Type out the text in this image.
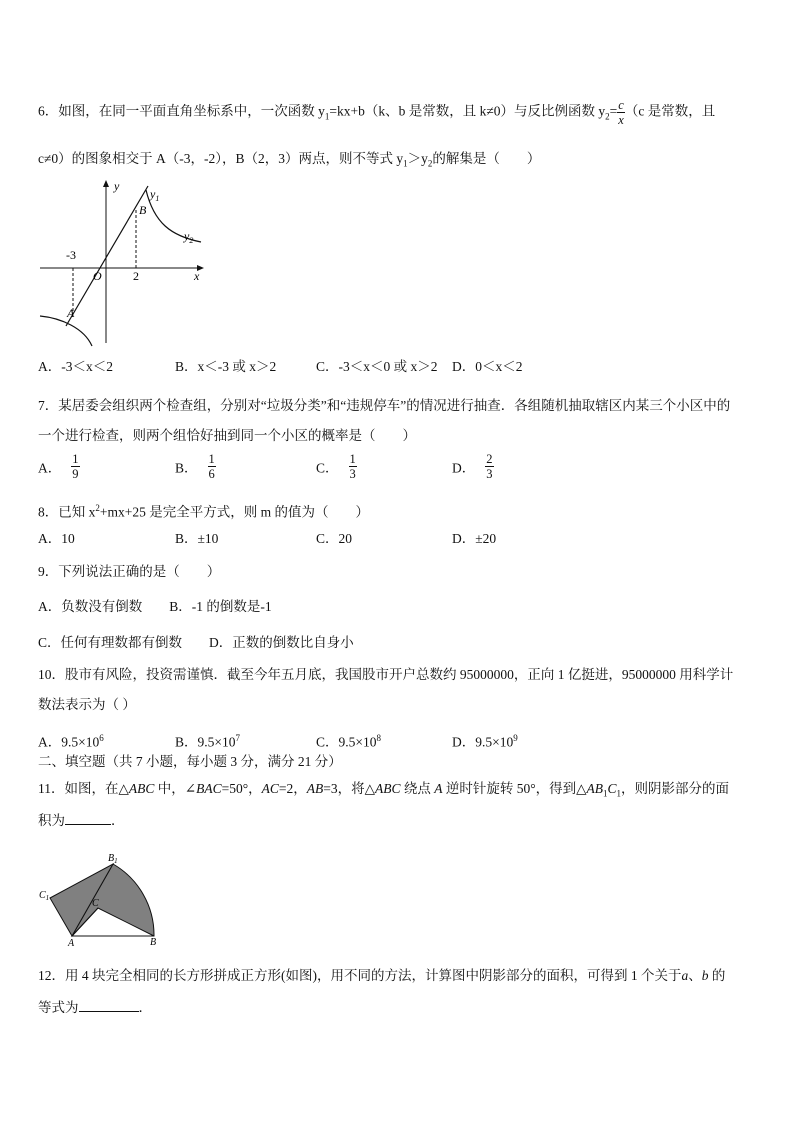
6．如图，在同一平面直角坐标系中，一次函数 $y_1=kx+b(k$、b 是常数，且 k≠0）与反比例函数 $y_2= \frac{c}{x} (c$ 是常数，且
c≠0）的图象相交于 A（-3，-2），B（2，3）两点，则不等式 $y_1>y_2$的解集是（　　）
y
x
O
$y_1$
$y_2$
-3
2
A
B
A．-3＜x＜2	B．x＜-3 或 x＞2	C．-3＜x＜0 或 x＞2 D．0＜x＜2
7．某居委会组织两个检查组，分别对“垃圾分类”和“违规停车”的情况进行抽查．各组随机抽取辖区内某三个小区中的
一个进行检查，则两个组恰好抽到同一个小区的概率是（　　）
A． $\frac{1}{9}$	B． $\frac{1}{6}$	C． $\frac{1}{3}$	D． $\frac{2}{3}$
8．已知 $x^2+mx+25$ 是完全平方式，则 m 的值为（　　）
A．10	B．±10	C．20	D．±20
9．下列说法正确的是（　　）
A．负数没有倒数　　B．-1 的倒数是-1
C．任何有理数都有倒数　　D．正数的倒数比自身小
10．股市有风险，投资需谨慎．截至今年五月底，我国股市开户总数约 95000000，正向 1 亿挺进，95000000 用科学计
数法表示为（ ）
A．$9.5\times 10^6$	B．$9.5\times 10^7$	C．$9.5\times 10^8$	D．$9.5\times 10^9$
二、填空题（共 7 小题，每小题 3 分，满分 21 分）
11．如图，在△ABC 中，∠BAC=50°，AC=2，AB=3，将△ABC 绕点 A 逆时针旋转 50°，得到$\triangle AB_1C_1$，则阴影部分的面
积为	．
A	B
C
$B_1$
$C_1$
12．用 4 块完全相同的长方形拼成正方形(如图)，用不同的方法，计算图中阴影部分的面积，可得到 1 个关于a、b 的
等式为	．
